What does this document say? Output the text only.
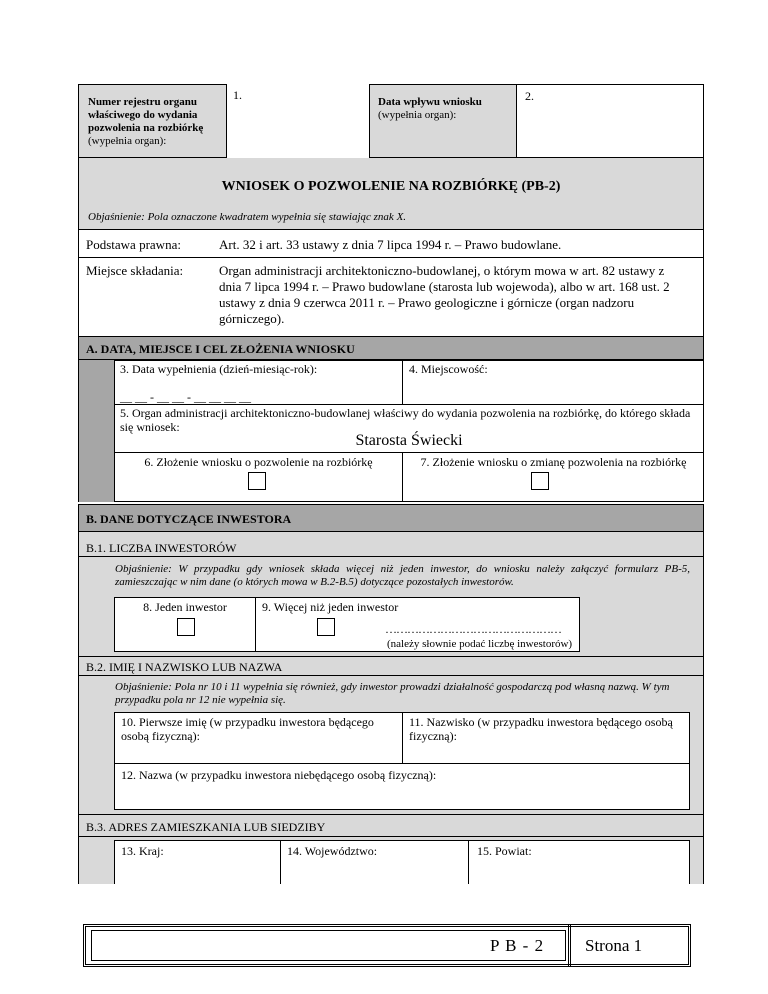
Numer rejestru organu właściwego do wydania pozwolenia na rozbiórkę
(wypełnia organ):
1.	Data wpływu wniosku
(wypełnia organ):
2.
WNIOSEK O POZWOLENIE NA ROZBIÓRKĘ (PB-2)
Objaśnienie: Pola oznaczone kwadratem wypełnia się stawiając znak X.
Podstawa prawna:	Art. 32 i art. 33 ustawy z dnia 7 lipca 1994 r. – Prawo budowlane.
Miejsce składania:	Organ administracji architektoniczno-budowlanej, o którym mowa w art. 82 ustawy z dnia 7 lipca 1994 r. – Prawo budowlane (starosta lub wojewoda), albo w art. 168 ust. 2 ustawy z dnia 9 czerwca 2011 r. – Prawo geologiczne i górnicze (organ nadzoru górniczego).
A. DATA, MIEJSCE I CEL ZŁOŻENIA WNIOSKU
3. Data wypełnienia (dzień-miesiąc-rok):
__ __ - __ __ - __ __ __ __
4. Miejscowość:
5. Organ administracji architektoniczno-budowlanej właściwy do wydania pozwolenia na rozbiórkę, do którego składa się wniosek:
Starosta Świecki
6. Złożenie wniosku o pozwolenie na rozbiórkę	7. Złożenie wniosku o zmianę pozwolenia na rozbiórkę
B. DANE DOTYCZĄCE INWESTORA
B.1. LICZBA INWESTORÓW
Objaśnienie: W przypadku gdy wniosek składa więcej niż jeden inwestor, do wniosku należy załączyć formularz PB-5, zamieszczając w nim dane (o których mowa w B.2-B.5) dotyczące pozostałych inwestorów.
8. Jeden inwestor	9. Więcej niż jeden inwestor
…………………………………………
(należy słownie podać liczbę inwestorów)
B.2. IMIĘ I NAZWISKO LUB NAZWA
Objaśnienie: Pola nr 10 i 11 wypełnia się również, gdy inwestor prowadzi działalność gospodarczą pod własną nazwą. W tym przypadku pola nr 12 nie wypełnia się.
10. Pierwsze imię (w przypadku inwestora będącego osobą fizyczną):
11. Nazwisko (w przypadku inwestora będącego osobą fizyczną):
12. Nazwa (w przypadku inwestora niebędącego osobą fizyczną):
B.3. ADRES ZAMIESZKANIA LUB SIEDZIBY
13. Kraj:	14. Województwo:	15. Powiat:
P B - 2 Strona 1
